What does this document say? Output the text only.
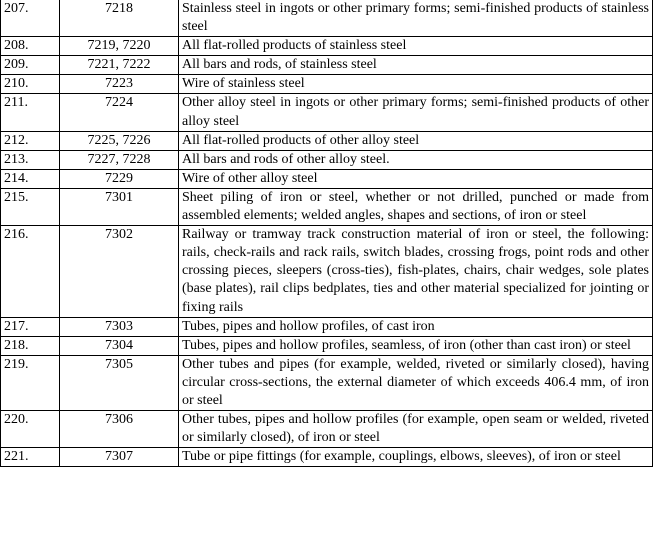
207.	7218	Stainless steel in ingots or other primary forms; semi-finished products of stainless steel
208.	7219, 7220	All flat-rolled products of stainless steel
209.	7221, 7222	All bars and rods, of stainless steel
210.	7223	Wire of stainless steel
211.	7224	Other alloy steel in ingots or other primary forms; semi-finished products of other alloy steel
212.	7225, 7226	All flat-rolled products of other alloy steel
213.	7227, 7228	All bars and rods of other alloy steel.
214.	7229	Wire of other alloy steel
215.	7301	Sheet piling of iron or steel, whether or not drilled, punched or made from assembled elements; welded angles, shapes and sections, of iron or steel
216.	7302	Railway or tramway track construction material of iron or steel, the following: rails, check-rails and rack rails, switch blades, crossing frogs, point rods and other crossing pieces, sleepers (cross-ties), fish-plates, chairs, chair wedges, sole plates (base plates), rail clips bedplates, ties and other material specialized for jointing or fixing rails
217.	7303	Tubes, pipes and hollow profiles, of cast iron
218.	7304	Tubes, pipes and hollow profiles, seamless, of iron (other than cast iron) or steel
219.	7305	Other tubes and pipes (for example, welded, riveted or similarly closed), having circular cross-sections, the external diameter of which exceeds 406.4 mm, of iron or steel
220.	7306	Other tubes, pipes and hollow profiles (for example, open seam or welded, riveted or similarly closed), of iron or steel
221.	7307	Tube or pipe fittings (for example, couplings, elbows, sleeves), of iron or steel
